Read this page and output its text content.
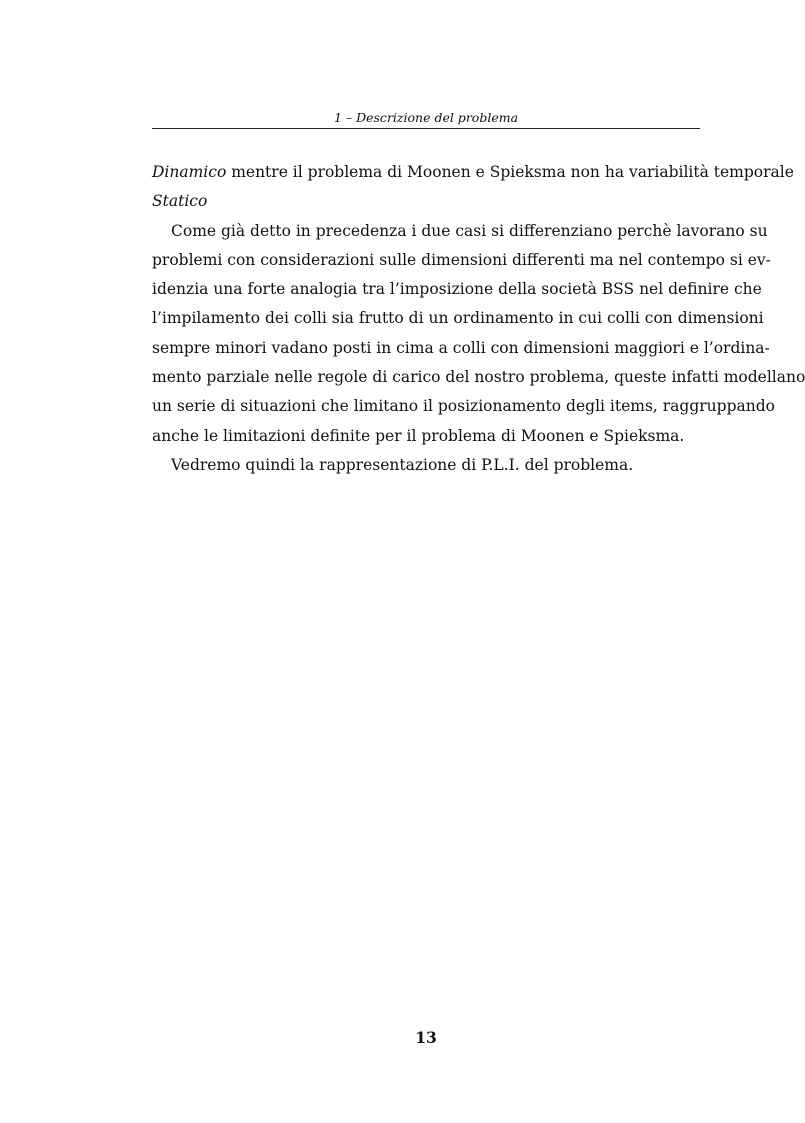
1 – Descrizione del problema
Dinamico mentre il problema di Moonen e Spieksma non ha variabilità temporale
Statico
Come già detto in precedenza i due casi si differenziano perchè lavorano su
problemi con considerazioni sulle dimensioni differenti ma nel contempo si ev-
idenzia una forte analogia tra l’imposizione della società BSS nel definire che
l’impilamento dei colli sia frutto di un ordinamento in cui colli con dimensioni
sempre minori vadano posti in cima a colli con dimensioni maggiori e l’ordina-
mento parziale nelle regole di carico del nostro problema, queste infatti modellano
un serie di situazioni che limitano il posizionamento degli items, raggruppando
anche le limitazioni definite per il problema di Moonen e Spieksma.
Vedremo quindi la rappresentazione di P.L.I. del problema.
13
